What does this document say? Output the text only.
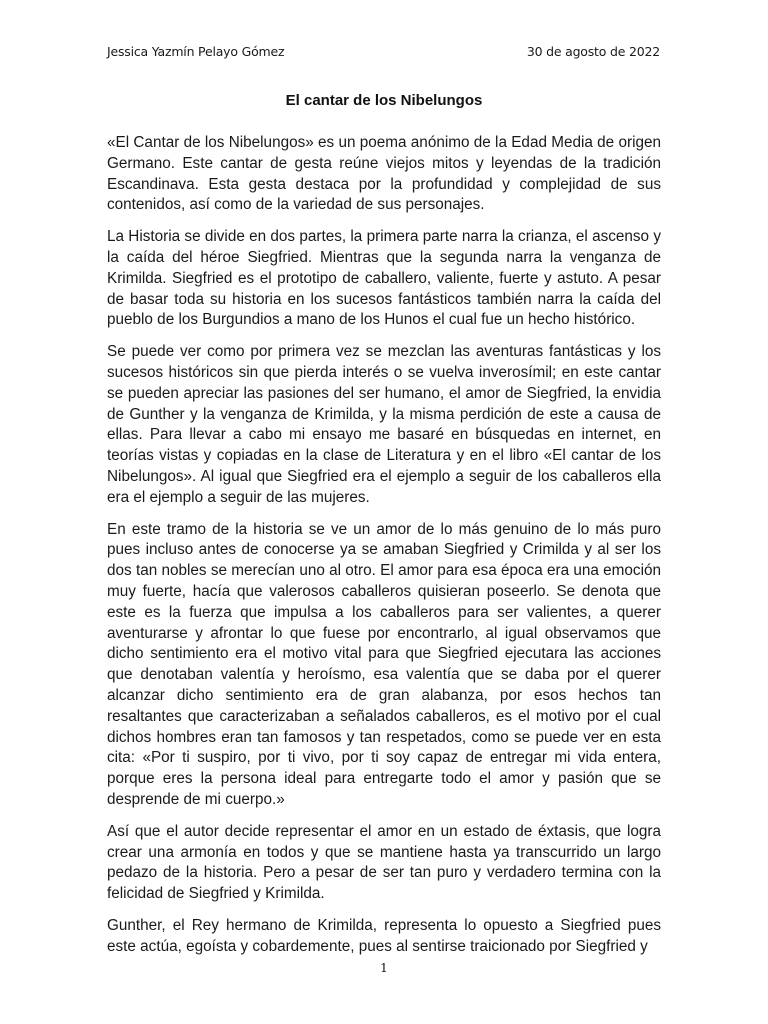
Jessica Yazmín Pelayo Gómez	30 de agosto de 2022
El cantar de los Nibelungos

«El Cantar de los Nibelungos» es un poema anónimo de la Edad Media de origen Germano. Este cantar de gesta reúne viejos mitos y leyendas de la tradición Escandinava. Esta gesta destaca por la profundidad y complejidad de sus contenidos, así como de la variedad de sus personajes.

La Historia se divide en dos partes, la primera parte narra la crianza, el ascenso y la caída del héroe Siegfried. Mientras que la segunda narra la venganza de Krimilda. Siegfried es el prototipo de caballero, valiente, fuerte y astuto. A pesar de basar toda su historia en los sucesos fantásticos también narra la caída del pueblo de los Burgundios a mano de los Hunos el cual fue un hecho histórico.

Se puede ver como por primera vez se mezclan las aventuras fantásticas y los sucesos históricos sin que pierda interés o se vuelva inverosímil; en este cantar se pueden apreciar las pasiones del ser humano, el amor de Siegfried, la envidia de Gunther y la venganza de Krimilda, y la misma perdición de este a causa de ellas. Para llevar a cabo mi ensayo me basaré en búsquedas en internet, en teorías vistas y copiadas en la clase de Literatura y en el libro «El cantar de los Nibelungos». Al igual que Siegfried era el ejemplo a seguir de los caballeros ella era el ejemplo a seguir de las mujeres.

En este tramo de la historia se ve un amor de lo más genuino de lo más puro pues incluso antes de conocerse ya se amaban Siegfried y Crimilda y al ser los dos tan nobles se merecían uno al otro. El amor para esa época era una emoción muy fuerte, hacía que valerosos caballeros quisieran poseerlo. Se denota que este es la fuerza que impulsa a los caballeros para ser valientes, a querer aventurarse y afrontar lo que fuese por encontrarlo, al igual observamos que dicho sentimiento era el motivo vital para que Siegfried ejecutara las acciones que denotaban valentía y heroísmo, esa valentía que se daba por el querer alcanzar dicho sentimiento era de gran alabanza, por esos hechos tan resaltantes que caracterizaban a señalados caballeros, es el motivo por el cual dichos hombres eran tan famosos y tan respetados, como se puede ver en esta cita: «Por ti suspiro, por ti vivo, por ti soy capaz de entregar mi vida entera, porque eres la persona ideal para entregarte todo el amor y pasión que se desprende de mi cuerpo.»

Así que el autor decide representar el amor en un estado de éxtasis, que logra crear una armonía en todos y que se mantiene hasta ya transcurrido un largo pedazo de la historia. Pero a pesar de ser tan puro y verdadero termina con la felicidad de Siegfried y Krimilda.

Gunther, el Rey hermano de Krimilda, representa lo opuesto a Siegfried pues este actúa, egoísta y cobardemente, pues al sentirse traicionado por Siegfried y

1
